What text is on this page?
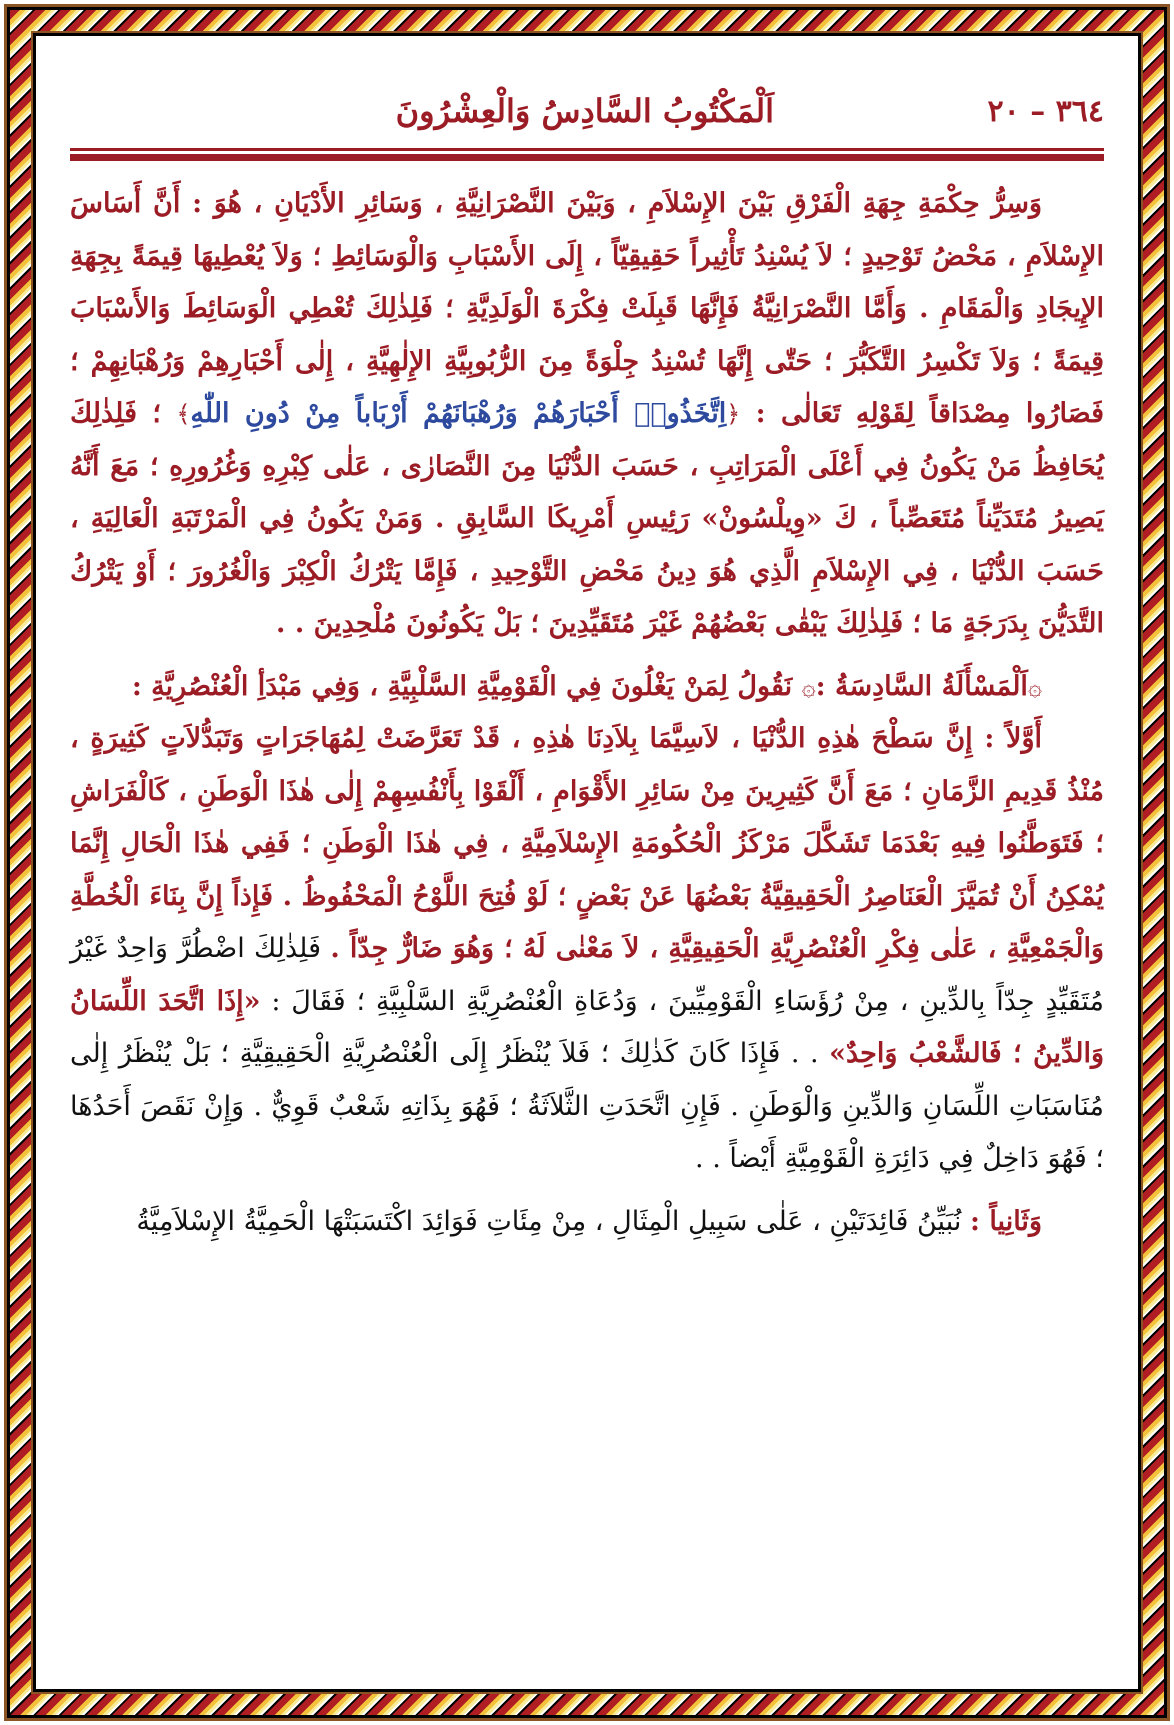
٣٦٤ – ٢٠
اَلْمَكْتُوبُ السَّادِسُ وَالْعِشْرُونَ

وَسِرُّ حِكْمَةِ جِهَةِ الْفَرْقِ بَيْنَ الإِسْلاَمِ ، وَبَيْنَ النَّصْرَانِيَّةِ ، وَسَائِرِ الأَدْيَانِ ، هُوَ : أَنَّ أَسَاسَ الإِسْلاَمِ ، مَحْضُ تَوْحِيدٍ ؛ لاَ يُسْنِدُ تَأْثِيراً حَقِيقِيّاً ، إِلَى الأَسْبَابِ وَالْوَسَائِطِ ؛ وَلاَ يُعْطِيهَا قِيمَةً بِجِهَةِ الإِيجَادِ وَالْمَقَامِ . وَأَمَّا النَّصْرَانِيَّةُ فَإِنَّهَا قَبِلَتْ فِكْرَةَ الْوَلَدِيَّةِ ؛ فَلِذٰلِكَ تُعْطِي الْوَسَائِطَ وَالأَسْبَابَ قِيمَةً ؛ وَلاَ تَكْسِرُ التَّكَبُّرَ ؛ حَتّٰى إِنَّهَا تُسْنِدُ جِلْوَةً مِنَ الرُّبُوبِيَّةِ الإِلٰهِيَّةِ ، إِلٰى أَحْبَارِهِمْ وَرُهْبَانِهِمْ ؛ فَصَارُوا مِصْدَاقاً لِقَوْلِهِ تَعَالٰى : ﴿اِتَّخَذُوا۟ أَحْبَارَهُمْ وَرُهْبَانَهُمْ أَرْبَاباً مِنْ دُونِ اللّٰهِ﴾ ؛ فَلِذٰلِكَ يُحَافِظُ مَنْ يَكُونُ فِي أَعْلَى الْمَرَاتِبِ ، حَسَبَ الدُّنْيَا مِنَ النَّصَارٰى ، عَلٰى كِبْرِهِ وَغُرُورِهِ ؛ مَعَ أَنَّهُ يَصِيرُ مُتَدَيِّناً مُتَعَصِّباً ، كَ «وِيلْسُونْ» رَئِيسِ أَمْرِيكَا السَّابِقِ . وَمَنْ يَكُونُ فِي الْمَرْتَبَةِ الْعَالِيَةِ ، حَسَبَ الدُّنْيَا ، فِي الإِسْلاَمِ الَّذِي هُوَ دِينُ مَحْضِ التَّوْحِيدِ ، فَإِمَّا يَتْرُكُ الْكِبْرَ وَالْغُرُورَ ؛ أَوْ يَتْرُكُ التَّدَيُّنَ بِدَرَجَةٍ مَا ؛ فَلِذٰلِكَ يَبْقٰى بَعْضُهُمْ غَيْرَ مُتَقَيِّدِينَ ؛ بَلْ يَكُونُونَ مُلْحِدِينَ . .

۞اَلْمَسْأَلَةُ السَّادِسَةُ :۞ نَقُولُ لِمَنْ يَغْلُونَ فِي الْقَوْمِيَّةِ السَّلْبِيَّةِ ، وَفِي مَبْدَأِ الْعُنْصُرِيَّةِ :

أَوَّلاً : إِنَّ سَطْحَ هٰذِهِ الدُّنْيَا ، لاَسِيَّمَا بِلاَدِنَا هٰذِهِ ، قَدْ تَعَرَّضَتْ لِمُهَاجَرَاتٍ وَتَبَدُّلاَتٍ كَثِيرَةٍ ، مُنْذُ قَدِيمِ الزَّمَانِ ؛ مَعَ أَنَّ كَثِيرِينَ مِنْ سَائِرِ الأَقْوَامِ ، أَلْقَوْا بِأَنْفُسِهِمْ إِلٰى هٰذَا الْوَطَنِ ، كَالْفَرَاشِ ؛ فَتَوَطَّنُوا فِيهِ بَعْدَمَا تَشَكَّلَ مَرْكَزُ الْحُكُومَةِ الإِسْلاَمِيَّةِ ، فِي هٰذَا الْوَطَنِ ؛ فَفِي هٰذَا الْحَالِ إِنَّمَا يُمْكِنُ أَنْ تُمَيَّزَ الْعَنَاصِرُ الْحَقِيقِيَّةُ بَعْضُهَا عَنْ بَعْضٍ ؛ لَوْ فُتِحَ اللَّوْحُ الْمَحْفُوظُ . فَإِذاً إِنَّ بِنَاءَ الْخُطَّةِ وَالْجَمْعِيَّةِ ، عَلٰى فِكْرِ الْعُنْصُرِيَّةِ الْحَقِيقِيَّةِ ، لاَ مَعْنٰى لَهُ ؛ وَهُوَ ضَارٌّ جِدّاً . فَلِذٰلِكَ اضْطُرَّ وَاحِدٌ غَيْرُ مُتَقَيِّدٍ جِدّاً بِالدِّينِ ، مِنْ رُؤَسَاءِ الْقَوْمِيِّينَ ، وَدُعَاةِ الْعُنْصُرِيَّةِ السَّلْبِيَّةِ ؛ فَقَالَ : «إِذَا اتَّحَدَ اللِّسَانُ وَالدِّينُ ؛ فَالشَّعْبُ وَاحِدٌ» . . فَإِذَا كَانَ كَذٰلِكَ ؛ فَلاَ يُنْظَرُ إِلَى الْعُنْصُرِيَّةِ الْحَقِيقِيَّةِ ؛ بَلْ يُنْظَرُ إِلٰى مُنَاسَبَاتِ اللِّسَانِ وَالدِّينِ وَالْوَطَنِ . فَإِنِ اتَّحَدَتِ الثَّلاَثَةُ ؛ فَهُوَ بِذَاتِهِ شَعْبٌ قَوِيٌّ . وَإِنْ نَقَصَ أَحَدُهَا ؛ فَهُوَ دَاخِلٌ فِي دَائِرَةِ الْقَوْمِيَّةِ أَيْضاً . .

وَثَانِياً : نُبَيِّنُ فَائِدَتَيْنِ ، عَلٰى سَبِيلِ الْمِثَالِ ، مِنْ مِئَاتِ فَوَائِدَ اكْتَسَبَتْهَا الْحَمِيَّةُ الإِسْلاَمِيَّةُ
